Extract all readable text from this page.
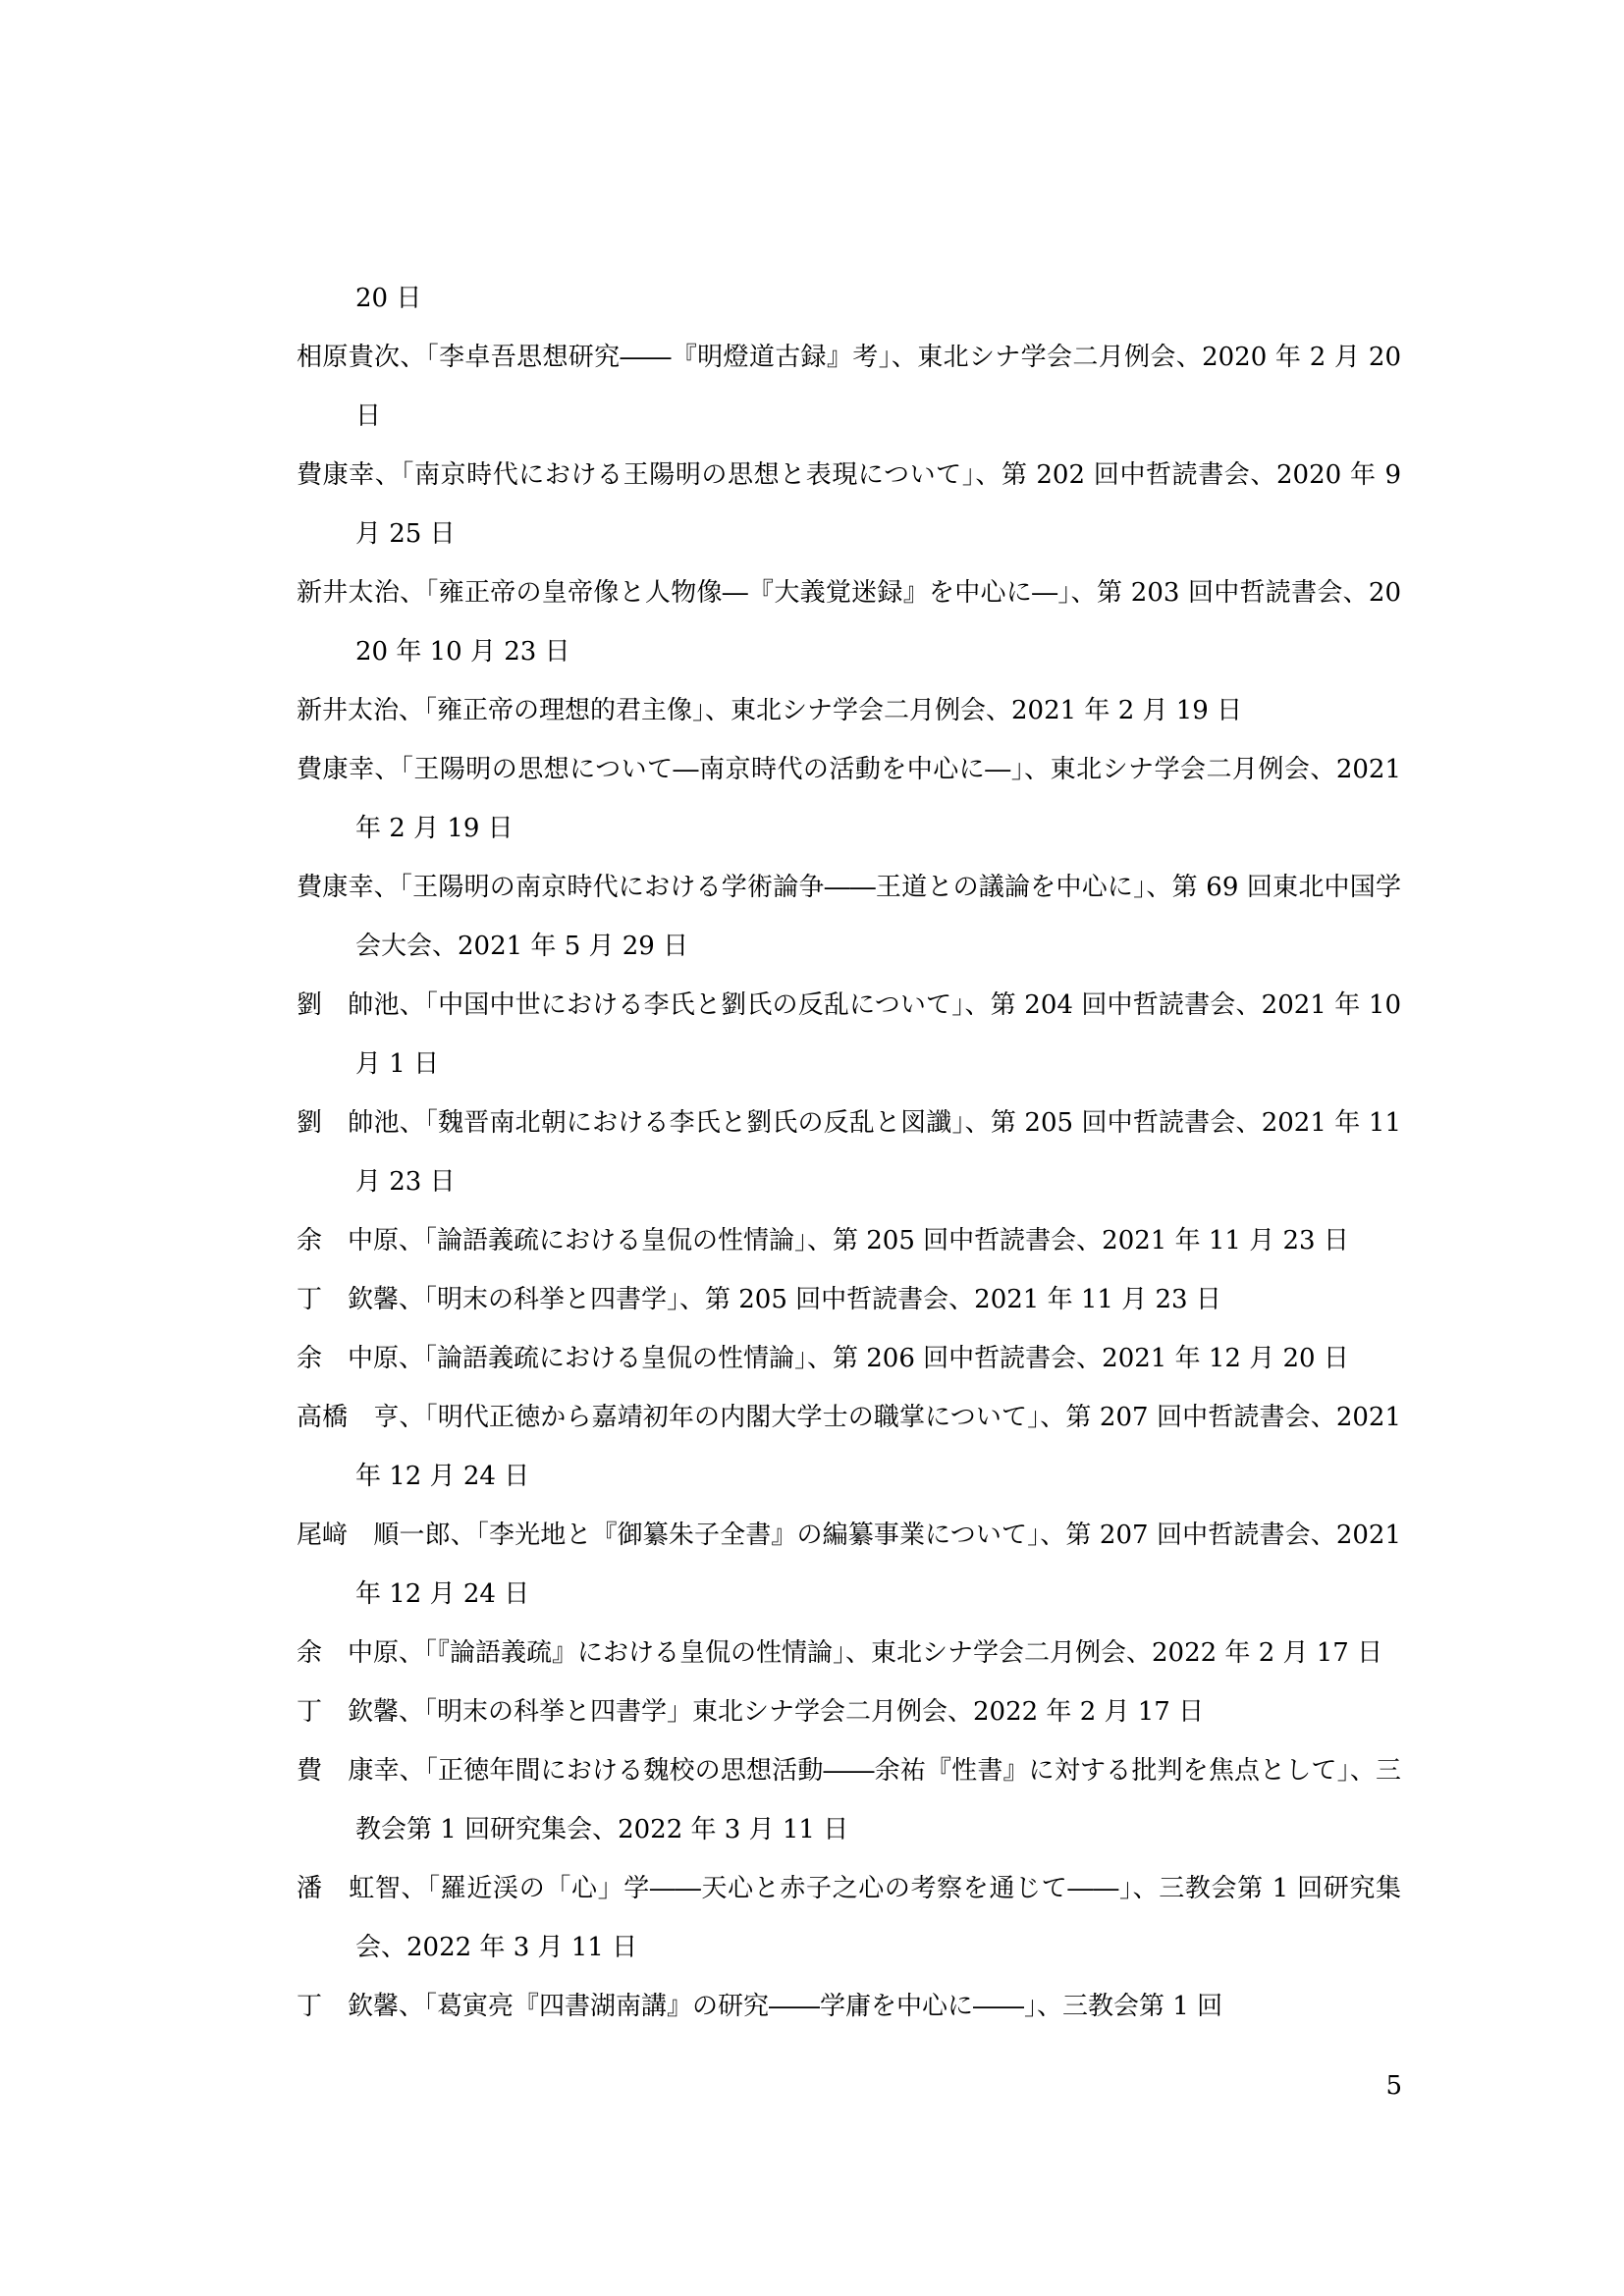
20 日
相原貴次、「李卓吾思想研究――『明燈道古録』考」、東北シナ学会二月例会、2020 年 2 月 20 日
費康幸、「南京時代における王陽明の思想と表現について」、第 202 回中哲読書会、2020 年 9 月 25 日
新井太治、「雍正帝の皇帝像と人物像―『大義覚迷録』を中心に―」、第 203 回中哲読書会、2020 年 10 月 23 日
新井太治、「雍正帝の理想的君主像」、東北シナ学会二月例会、2021 年 2 月 19 日
費康幸、「王陽明の思想について―南京時代の活動を中心に―」、東北シナ学会二月例会、2021 年 2 月 19 日
費康幸、「王陽明の南京時代における学術論争――王道との議論を中心に」、第 69 回東北中国学会大会、2021 年 5 月 29 日
劉　帥池、「中国中世における李氏と劉氏の反乱について」、第 204 回中哲読書会、2021 年 10 月 1 日
劉　帥池、「魏晋南北朝における李氏と劉氏の反乱と図讖」、第 205 回中哲読書会、2021 年 11 月 23 日
余　中原、「論語義疏における皇侃の性情論」、第 205 回中哲読書会、2021 年 11 月 23 日
丁　欽馨、「明末の科挙と四書学」、第 205 回中哲読書会、2021 年 11 月 23 日
余　中原、「論語義疏における皇侃の性情論」、第 206 回中哲読書会、2021 年 12 月 20 日
高橋　亨、「明代正徳から嘉靖初年の内閣大学士の職掌について」、第 207 回中哲読書会、2021 年 12 月 24 日
尾﨑　順一郎、「李光地と『御纂朱子全書』の編纂事業について」、第 207 回中哲読書会、2021 年 12 月 24 日
余　中原、「『論語義疏』における皇侃の性情論」、東北シナ学会二月例会、2022 年 2 月 17 日
丁　欽馨、「明末の科挙と四書学」東北シナ学会二月例会、2022 年 2 月 17 日
費　康幸、「正徳年間における魏校の思想活動――余祐『性書』に対する批判を焦点として」、三教会第 1 回研究集会、2022 年 3 月 11 日
潘　虹智、「羅近渓の「心」学――天心と赤子之心の考察を通じて――」、三教会第 1 回研究集会、2022 年 3 月 11 日
丁　欽馨、「葛寅亮『四書湖南講』の研究――学庸を中心に――」、三教会第 1 回
5
